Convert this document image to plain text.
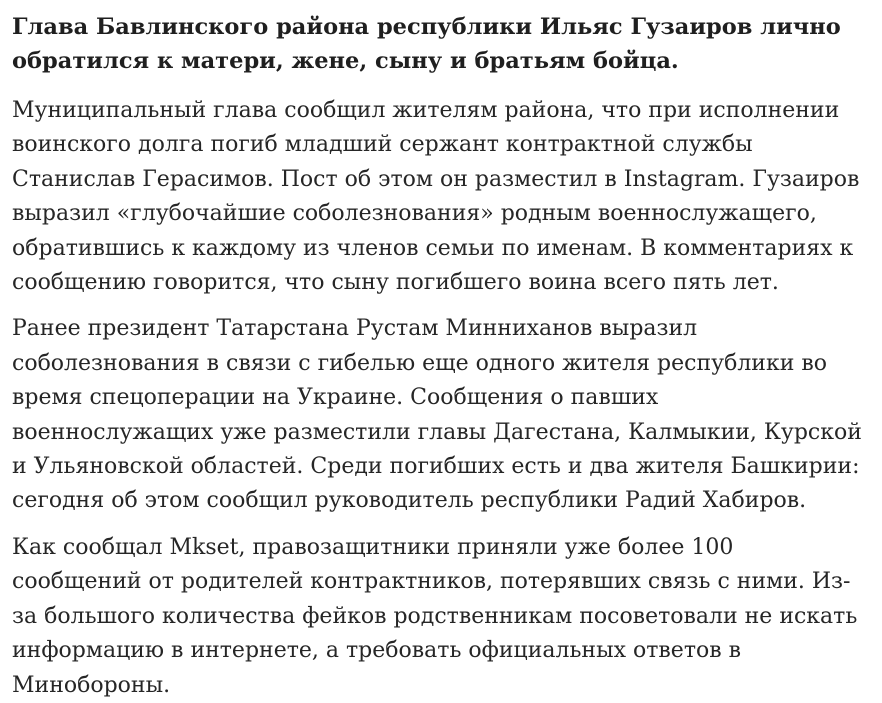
Глава Бавлинского района республики Ильяс Гузаиров лично обратился к матери, жене, сыну и братьям бойца.

Муниципальный глава сообщил жителям района, что при исполнении воинского долга погиб младший сержант контрактной службы Станислав Герасимов. Пост об этом он разместил в Instagram. Гузаиров выразил «глубочайшие соболезнования» родным военнослужащего, обратившись к каждому из членов семьи по именам. В комментариях к сообщению говорится, что сыну погибшего воина всего пять лет.

Ранее президент Татарстана Рустам Минниханов выразил соболезнования в связи с гибелью еще одного жителя республики во время спецоперации на Украине. Сообщения о павших военнослужащих уже разместили главы Дагестана, Калмыкии, Курской и Ульяновской областей. Среди погибших есть и два жителя Башкирии: сегодня об этом сообщил руководитель республики Радий Хабиров.

Как сообщал Mkset, правозащитники приняли уже более 100 сообщений от родителей контрактников, потерявших связь с ними. Из-за большого количества фейков родственникам посоветовали не искать информацию в интернете, а требовать официальных ответов в Минобороны.
